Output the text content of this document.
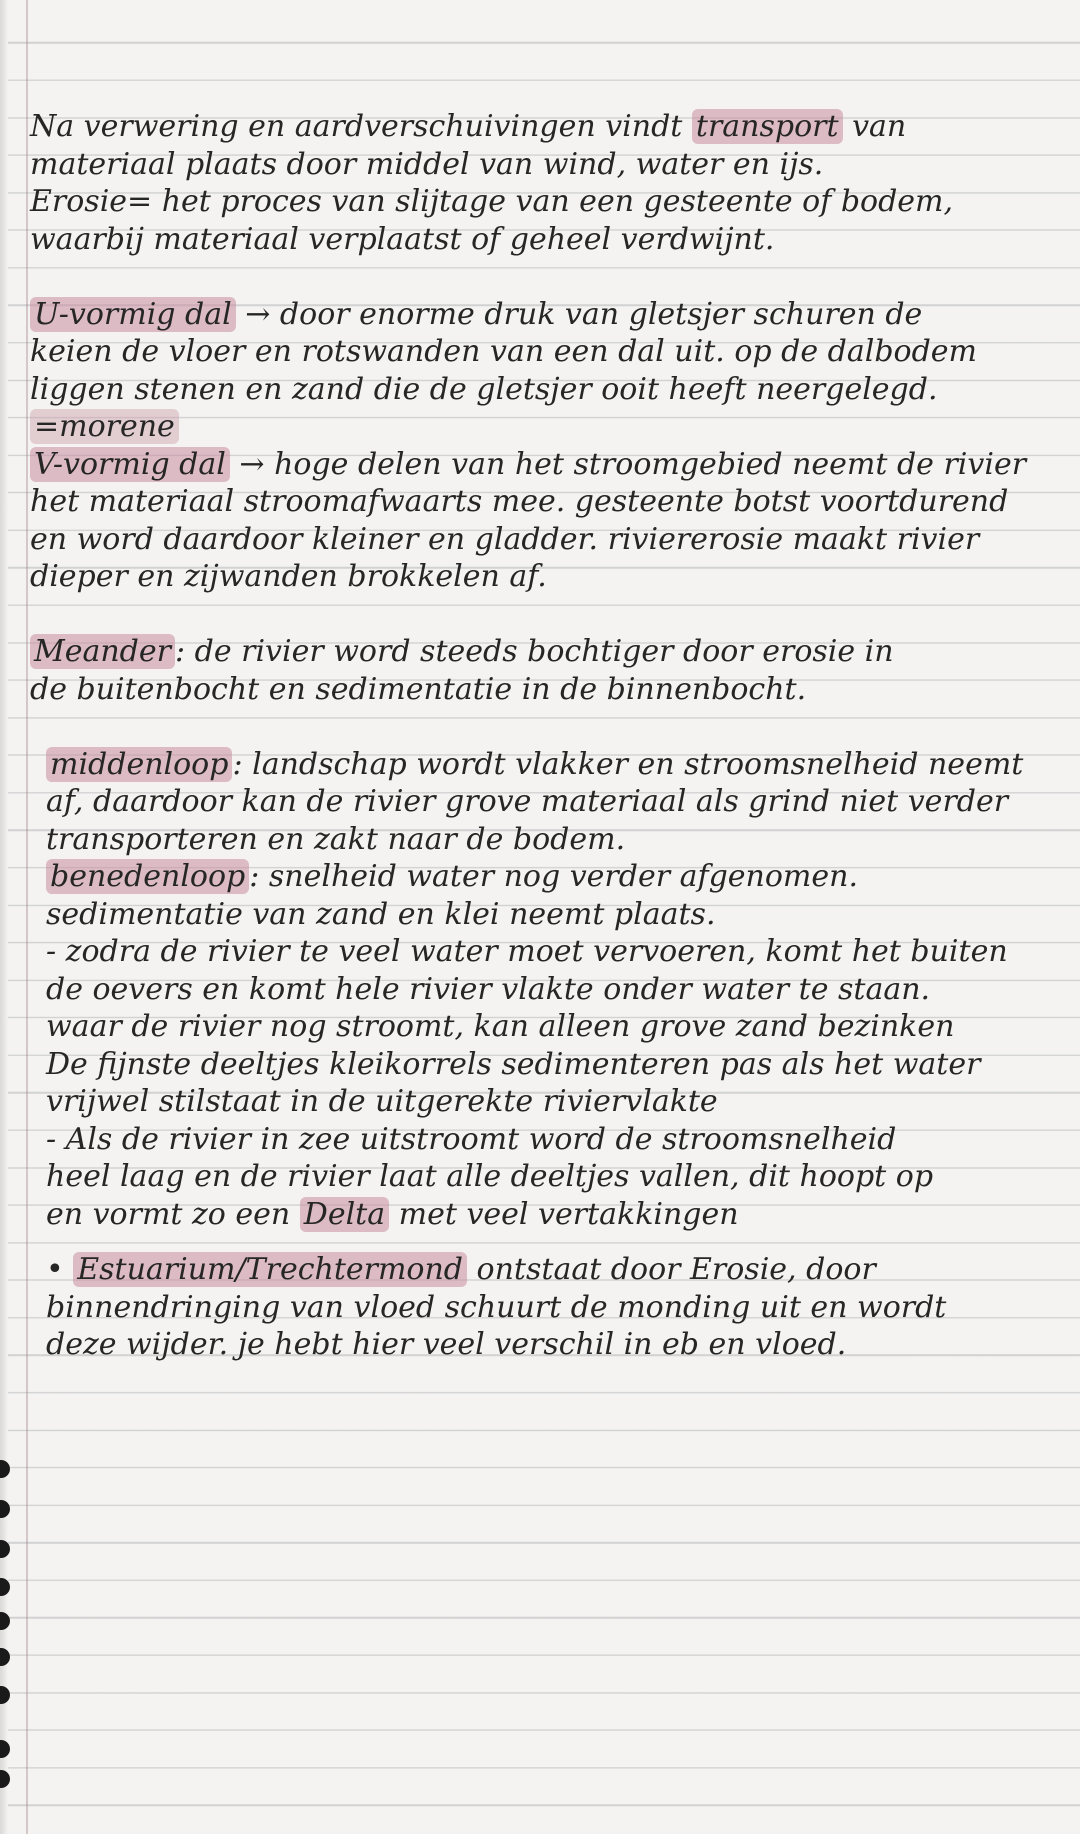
Na verwering en aardverschuivingen vindt transport van

materiaal plaats door middel van wind, water en ijs.

Erosie= het proces van slijtage van een gesteente of bodem,

waarbij materiaal verplaatst of geheel verdwijnt.

U-vormig dal → door enorme druk van gletsjer schuren de

keien de vloer en rotswanden van een dal uit. op de dalbodem

liggen stenen en zand die de gletsjer ooit heeft neergelegd.

=morene

V-vormig dal → hoge delen van het stroomgebied neemt de rivier

het materiaal stroomafwaarts mee. gesteente botst voortdurend

en word daardoor kleiner en gladder. riviererosie maakt rivier

dieper en zijwanden brokkelen af.

Meander : de rivier word steeds bochtiger door erosie in

de buitenbocht en sedimentatie in de binnenbocht.

middenloop : landschap wordt vlakker en stroomsnelheid neemt

af, daardoor kan de rivier grove materiaal als grind niet verder

transporteren en zakt naar de bodem.

benedenloop : snelheid water nog verder afgenomen.

sedimentatie van zand en klei neemt plaats.

- zodra de rivier te veel water moet vervoeren, komt het buiten

de oevers en komt hele rivier vlakte onder water te staan.

waar de rivier nog stroomt, kan alleen grove zand bezinken

De fijnste deeltjes kleikorrels sedimenteren pas als het water

vrijwel stilstaat in de uitgerekte riviervlakte

- Als de rivier in zee uitstroomt word de stroomsnelheid

heel laag en de rivier laat alle deeltjes vallen, dit hoopt op

en vormt zo een Delta met veel vertakkingen

• Estuarium/Trechtermond ontstaat door Erosie, door

binnendringing van vloed schuurt de monding uit en wordt

deze wijder. je hebt hier veel verschil in eb en vloed.
